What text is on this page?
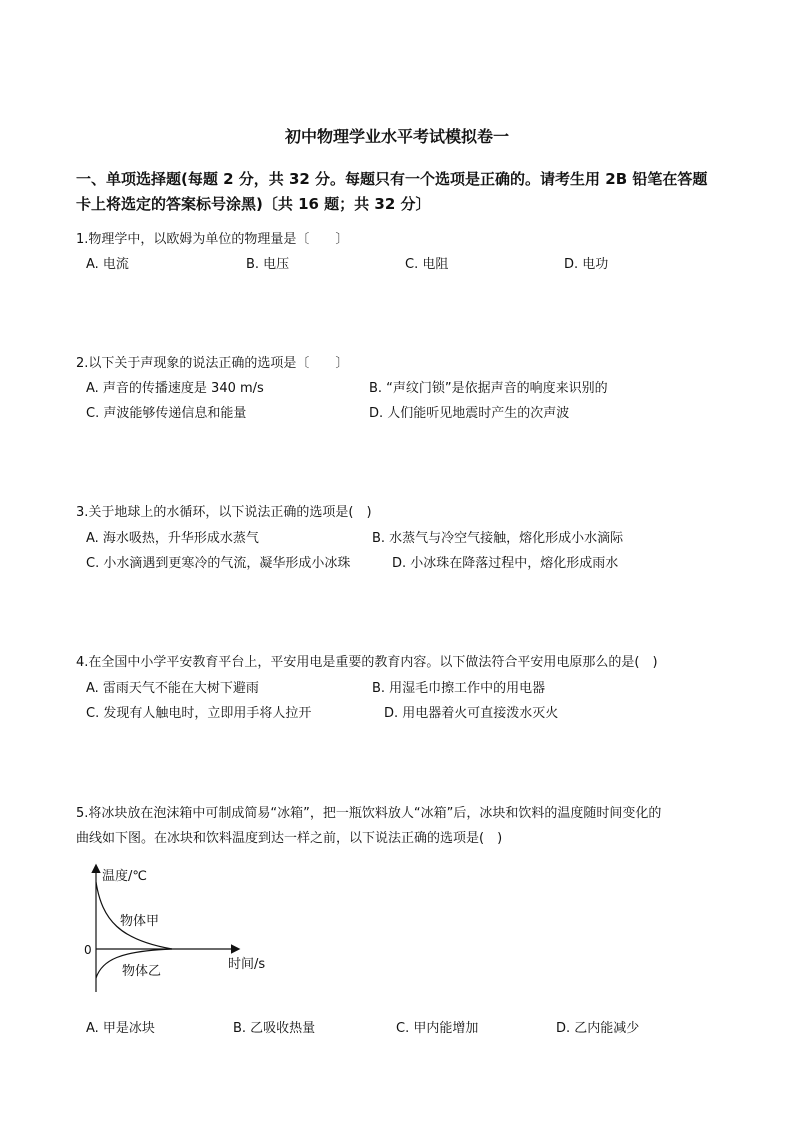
初中物理学业水平考试模拟卷一
一、单项选择题(每题 2 分，共 32 分。每题只有一个选项是正确的。请考生用 2B 铅笔在答题
卡上将选定的答案标号涂黑)〔共 16 题；共 32 分〕
1.物理学中，以欧姆为单位的物理量是〔　　〕
A. 电流	B. 电压	C. 电阻	D. 电功
2.以下关于声现象的说法正确的选项是〔　　〕
A. 声音的传播速度是 340 m/s	B. “声纹门锁”是依据声音的响度来识别的
C. 声波能够传递信息和能量	D. 人们能听见地震时产生的次声波
3.关于地球上的水循环，以下说法正确的选项是(　)
A. 海水吸热，升华形成水蒸气	B. 水蒸气与冷空气接触，熔化形成小水滴际
C. 小水滴遇到更寒冷的气流，凝华形成小冰珠	D. 小冰珠在降落过程中，熔化形成雨水
4.在全国中小学平安教育平台上，平安用电是重要的教育内容。以下做法符合平安用电原那么的是(　)
A. 雷雨天气不能在大树下避雨	B. 用湿毛巾擦工作中的用电器
C. 发现有人触电时，立即用手将人拉开	D. 用电器着火可直接泼水灭火
5.将冰块放在泡沫箱中可制成简易“冰箱”，把一瓶饮料放人“冰箱”后，冰块和饮料的温度随时间变化的
曲线如下图。在冰块和饮料温度到达一样之前，以下说法正确的选项是(　)
温度/℃
0
物体甲
物体乙	时间/s
A. 甲是冰块	B. 乙吸收热量	C. 甲内能增加	D. 乙内能减少
